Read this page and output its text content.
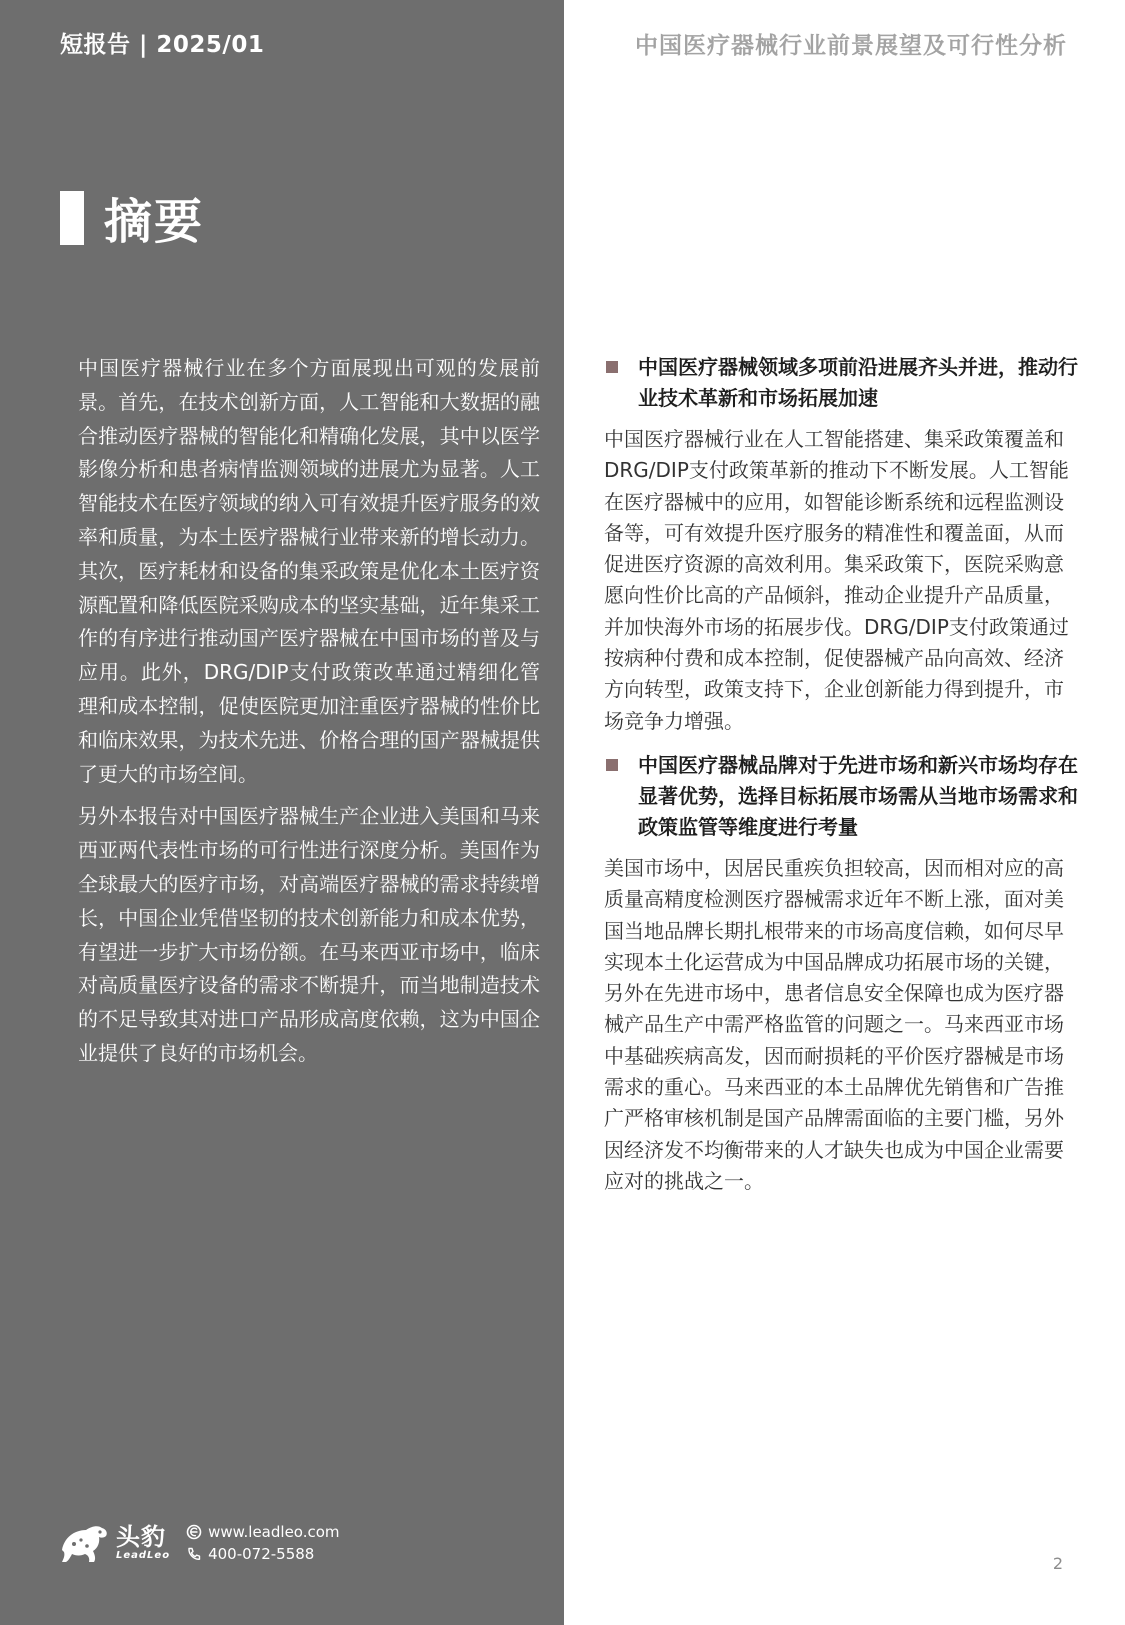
短报告 | 2025/01	中国医疗器械行业前景展望及可行性分析
摘要

中国医疗器械行业在多个方面展现出可观的发展前景。首先，在技术创新方面，人工智能和大数据的融合推动医疗器械的智能化和精确化发展，其中以医学影像分析和患者病情监测领域的进展尤为显著。人工智能技术在医疗领域的纳入可有效提升医疗服务的效率和质量，为本土医疗器械行业带来新的增长动力。其次，医疗耗材和设备的集采政策是优化本土医疗资源配置和降低医院采购成本的坚实基础，近年集采工作的有序进行推动国产医疗器械在中国市场的普及与应用。此外，DRG/DIP支付政策改革通过精细化管理和成本控制，促使医院更加注重医疗器械的性价比和临床效果，为技术先进、价格合理的国产器械提供了更大的市场空间。

另外本报告对中国医疗器械生产企业进入美国和马来西亚两代表性市场的可行性进行深度分析。美国作为全球最大的医疗市场，对高端医疗器械的需求持续增长，中国企业凭借坚韧的技术创新能力和成本优势，有望进一步扩大市场份额。在马来西亚市场中，临床对高质量医疗设备的需求不断提升，而当地制造技术的不足导致其对进口产品形成高度依赖，这为中国企业提供了良好的市场机会。

中国医疗器械领域多项前沿进展齐头并进，推动行业技术革新和市场拓展加速

中国医疗器械行业在人工智能搭建、集采政策覆盖和DRG/DIP支付政策革新的推动下不断发展。人工智能在医疗器械中的应用，如智能诊断系统和远程监测设备等，可有效提升医疗服务的精准性和覆盖面，从而促进医疗资源的高效利用。集采政策下，医院采购意愿向性价比高的产品倾斜，推动企业提升产品质量，并加快海外市场的拓展步伐。DRG/DIP支付政策通过按病种付费和成本控制，促使器械产品向高效、经济方向转型，政策支持下，企业创新能力得到提升，市场竞争力增强。

中国医疗器械品牌对于先进市场和新兴市场均存在显著优势，选择目标拓展市场需从当地市场需求和政策监管等维度进行考量

美国市场中，因居民重疾负担较高，因而相对应的高质量高精度检测医疗器械需求近年不断上涨，面对美国当地品牌长期扎根带来的市场高度信赖，如何尽早实现本土化运营成为中国品牌成功拓展市场的关键，另外在先进市场中，患者信息安全保障也成为医疗器械产品生产中需严格监管的问题之一。马来西亚市场中基础疾病高发，因而耐损耗的平价医疗器械是市场需求的重心。马来西亚的本土品牌优先销售和广告推广严格审核机制是国产品牌需面临的主要门槛，另外因经济发不均衡带来的人才缺失也成为中国企业需要应对的挑战之一。

头豹
LeadLeo
www.leadleo.com
400-072-5588	2
